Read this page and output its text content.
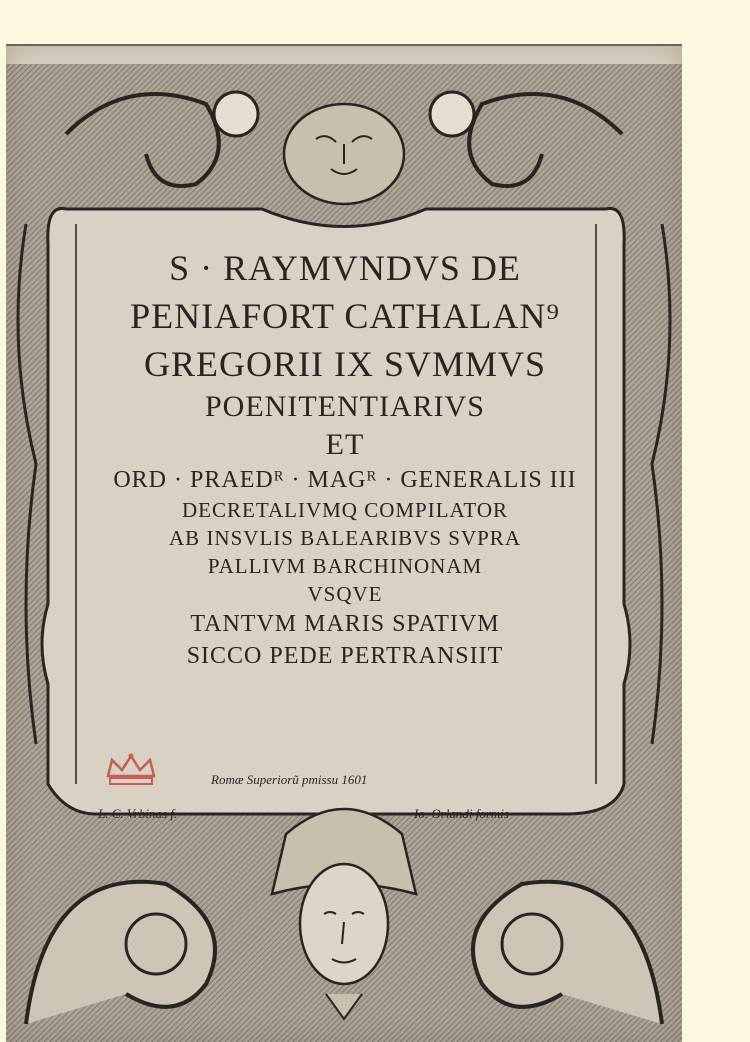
S · RAYMVNDVS DE
PENIAFORT CATHALAN⁹
GREGORII IX SVMMVS
POENITENTIARIVS
ET
ORD · PRAEDᴿ · MAGᴿ · GENERALIS III
DECRETALIVMQ COMPILATOR
AB INSVLIS BALEARIBVS SVPRA
PALLIVM BARCHINONAM
VSQVE
TANTVM MARIS SPATIVM
SICCO PEDE PERTRANSIIT
Romæ Superiorũ pmissu 1601
L. C. Vrbinas f.	Io. Orlandi formis
